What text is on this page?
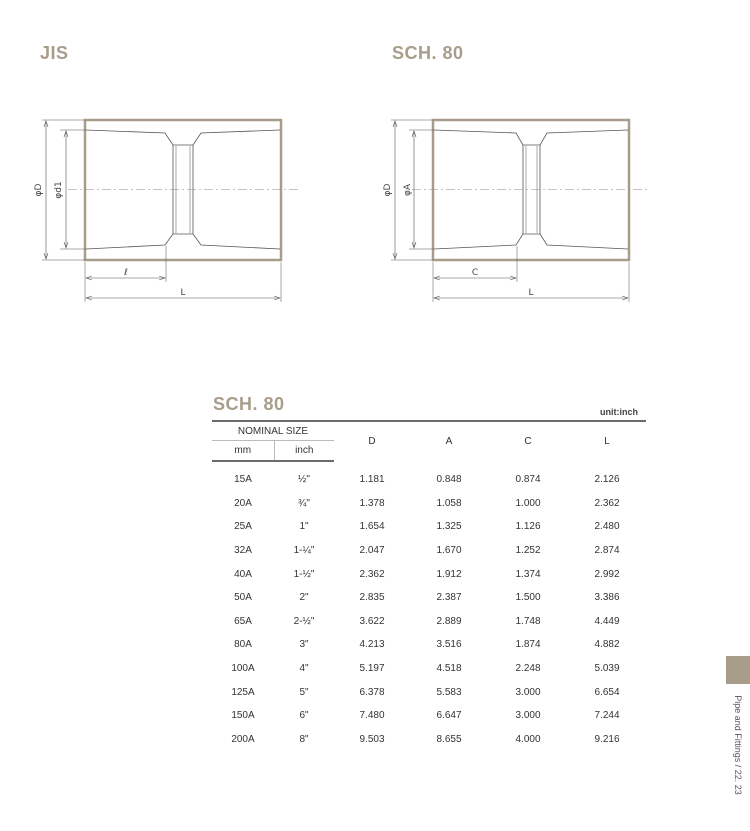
JIS	SCH. 80
φD φd1
ℓ
L
φD φA
C
L
SCH. 80	unit:inch
NOMINAL SIZE		D	A	C	L
mm	inch				
15A	½"	1.181	0.848	0.874	2.126
20A	¾"	1.378	1.058	1.000	2.362
25A	1"	1.654	1.325	1.126	2.480
32A	1-¼"	2.047	1.670	1.252	2.874
40A	1-½"	2.362	1.912	1.374	2.992
50A	2"	2.835	2.387	1.500	3.386
65A	2-½"	3.622	2.889	1.748	4.449
80A	3"	4.213	3.516	1.874	4.882
100A	4"	5.197	4.518	2.248	5.039
125A	5"	6.378	5.583	3.000	6.654
150A	6"	7.480	6.647	3.000	7.244
200A	8"	9.503	8.655	4.000	9.216	Pipe and Fittings / 22. 23
